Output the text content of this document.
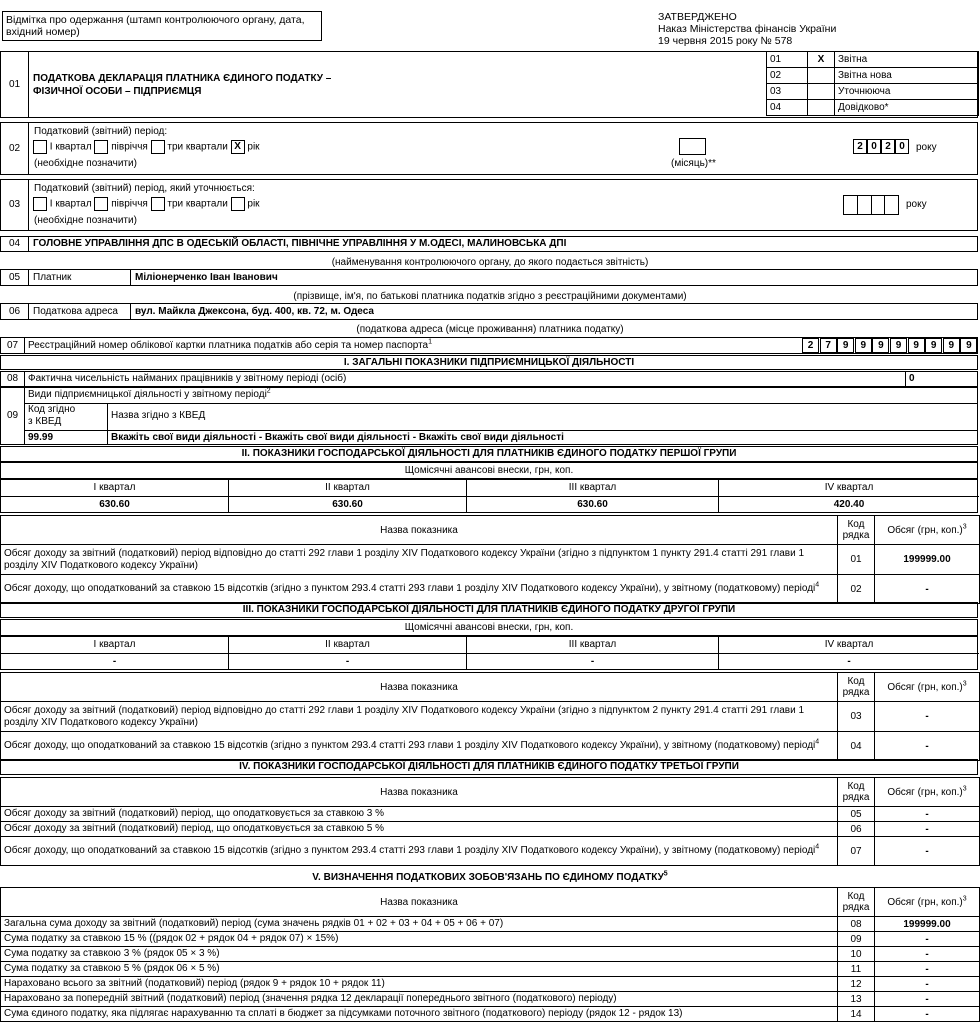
Відмітка про одержання (штамп контролюючого органу, дата, вхідний номер)
ЗАТВЕРДЖЕНО
Наказ Міністерства фінансів України
19 червня 2015 року № 578
01
ПОДАТКОВА ДЕКЛАРАЦІЯ ПЛАТНИКА ЄДИНОГО ПОДАТКУ –
ФІЗИЧНОЇ ОСОБИ – ПІДПРИЄМЦЯ
01	X	Звітна
02		Звітна нова
03		Уточнююча
04		Довідково*
02
Податковий (звітний) період:
І квартал півріччя три квартали X рік
(необхідне позначити)	(місяць)**
2 0 2 0	року
03
Податковий (звітний) період, який уточнюється:
І квартал півріччя три квартали рік
(необхідне позначити)
року
04	ГОЛОВНЕ УПРАВЛІННЯ ДПС В ОДЕСЬКІЙ ОБЛАСТІ, ПІВНІЧНЕ УПРАВЛІННЯ У М.ОДЕСІ, МАЛИНОВСЬКА ДПІ
(найменування контролюючого органу, до якого подається звітність)
05	Платник	Міліонерченко Іван Іванович
(прізвище, ім'я, по батькові платника податків згідно з реєстраційними документами)
06	Податкова адреса	вул. Майкла Джексона, буд. 400, кв. 72, м. Одеса
(податкова адреса (місце проживання) платника податку)
07 Реєстраційний номер облікової картки платника податків або серія та номер паспорта$^1$	2	7	9	9	9	9	9	9	9	9
I. ЗАГАЛЬНІ ПОКАЗНИКИ ПІДПРИЄМНИЦЬКОЇ ДІЯЛЬНОСТІ
08 Фактична чисельність найманих працівників у звітному періоді (осіб)	0
09
Види підприємницької діяльності у звітному періоді$^2$
Код згідно
з КВЕД
Назва згідно з КВЕД
99.99	Вкажіть свої види діяльності - Вкажіть свої види діяльності - Вкажіть свої види діяльності
II. ПОКАЗНИКИ ГОСПОДАРСЬКОЇ ДІЯЛЬНОСТІ ДЛЯ ПЛАТНИКІВ ЄДИНОГО ПОДАТКУ ПЕРШОЇ ГРУПИ
Щомісячні авансові внески, грн, коп.
І квартал
630.60
ІІ квартал
630.60
ІІІ квартал
630.60
IV квартал
420.40
Назва показника	Код
рядка	Обсяг (грн, коп.)$^3$
Обсяг доходу за звітний (податковий) період відповідно до статті 292 глави 1 розділу XIV Податкового кодексу України (згідно з підпунктом 1 пункту 291.4 статті 291 глави 1 розділу XIV Податкового кодексу України)	01	199999.00
Обсяг доходу, що оподаткований за ставкою 15 відсотків (згідно з пунктом 293.4 статті 293 глави 1 розділу XIV Податкового кодексу України), у звітному (податковому) періоді$^4$	02	-
III. ПОКАЗНИКИ ГОСПОДАРСЬКОЇ ДІЯЛЬНОСТІ ДЛЯ ПЛАТНИКІВ ЄДИНОГО ПОДАТКУ ДРУГОЇ ГРУПИ
Щомісячні авансові внески, грн, коп.
І квартал
-
ІІ квартал
-
ІІІ квартал
-
IV квартал
-
Назва показника	Код
рядка	Обсяг (грн, коп.)$^3$
Обсяг доходу за звітний (податковий) період відповідно до статті 292 глави 1 розділу XIV Податкового кодексу України (згідно з підпунктом 2 пункту 291.4 статті 291 глави 1 розділу XIV Податкового кодексу України)	03	-
Обсяг доходу, що оподаткований за ставкою 15 відсотків (згідно з пунктом 293.4 статті 293 глави 1 розділу XIV Податкового кодексу України), у звітному (податковому) періоді$^4$	04	-
IV. ПОКАЗНИКИ ГОСПОДАРСЬКОЇ ДІЯЛЬНОСТІ ДЛЯ ПЛАТНИКІВ ЄДИНОГО ПОДАТКУ ТРЕТЬОЇ ГРУПИ
Назва показника	Код
рядка	Обсяг (грн, коп.)$^3$
Обсяг доходу за звітний (податковий) період, що оподатковується за ставкою 3 %	05	-
Обсяг доходу за звітний (податковий) період, що оподатковується за ставкою 5 %	06	-
Обсяг доходу, що оподаткований за ставкою 15 відсотків (згідно з пунктом 293.4 статті 293 глави 1 розділу XIV Податкового кодексу України), у звітному (податковому) періоді$^4$	07	-
V. ВИЗНАЧЕННЯ ПОДАТКОВИХ ЗОБОВ'ЯЗАНЬ ПО ЄДИНОМУ ПОДАТКУ$^5$
Назва показника	Код
рядка	Обсяг (грн, коп.)$^3$
Загальна сума доходу за звітний (податковий) період (сума значень рядків 01 + 02 + 03 + 04 + 05 + 06 + 07)	08	199999.00
Сума податку за ставкою 15 % ((рядок 02 + рядок 04 + рядок 07) × 15%)	09	-
Сума податку за ставкою 3 % (рядок 05 × 3 %)	10	-
Сума податку за ставкою 5 % (рядок 06 × 5 %)	11	-
Нараховано всього за звітний (податковий) період (рядок 9 + рядок 10 + рядок 11)	12	-
Нараховано за попередній звітний (податковий) період (значення рядка 12 декларації попереднього звітного (податкового) періоду)	13	-
Сума єдиного податку, яка підлягає нарахуванню та сплаті в бюджет за підсумками поточного звітного (податкового) періоду (рядок 12 - рядок 13)	14	-
